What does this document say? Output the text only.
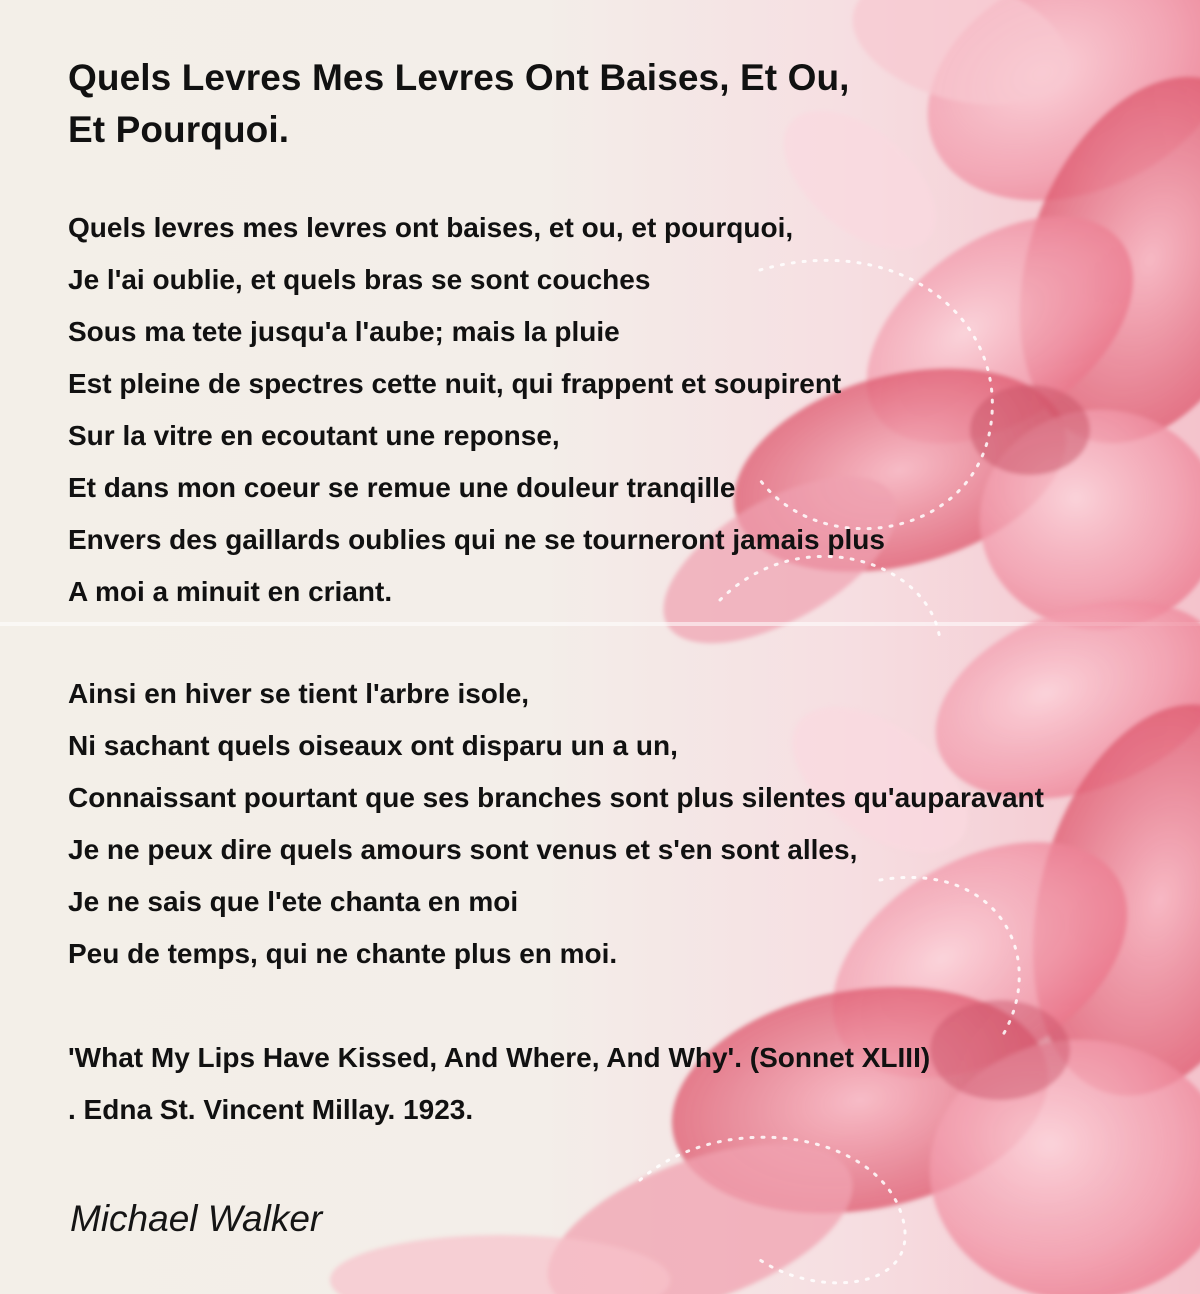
Quels Levres Mes Levres Ont Baises, Et Ou,
Et Pourquoi.
Quels levres mes levres ont baises, et ou, et pourquoi,
Je l'ai oublie, et quels bras se sont couches
Sous ma tete jusqu'a l'aube; mais la pluie
Est pleine de spectres cette nuit, qui frappent et soupirent
Sur la vitre en ecoutant une reponse,
Et dans mon coeur se remue une douleur tranqille
Envers des gaillards oublies qui ne se tourneront jamais plus
A moi a minuit en criant.
Ainsi en hiver se tient l'arbre isole,
Ni sachant quels oiseaux ont disparu un a un,
Connaissant pourtant que ses branches sont plus silentes qu'auparavant
Je ne peux dire quels amours sont venus et s'en sont alles,
Je ne sais que l'ete chanta en moi
Peu de temps, qui ne chante plus en moi.
'What My Lips Have Kissed, And Where, And Why'. (Sonnet XLIII)
. Edna St. Vincent Millay. 1923.
Michael Walker
